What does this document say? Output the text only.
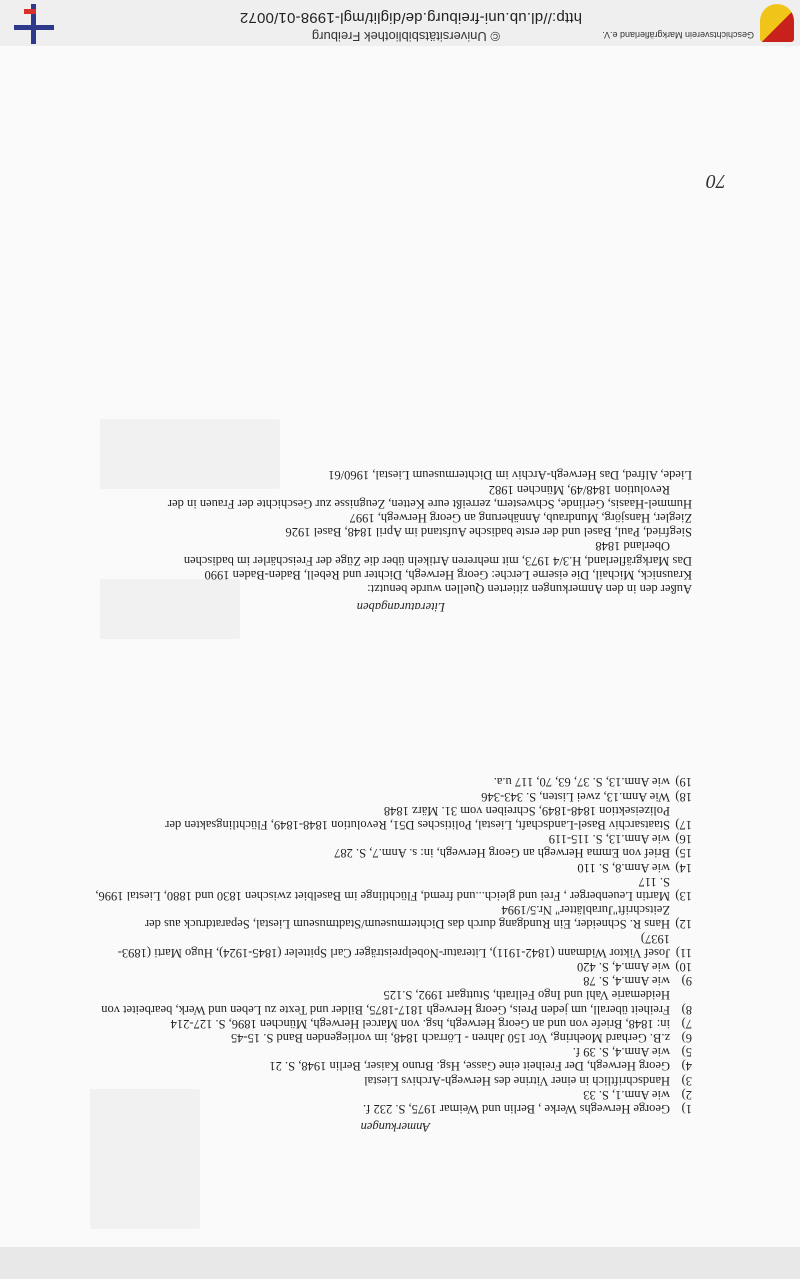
Geschichtsverein Markgräflerland e.V.
© Universitätsbibliothek Freiburg
http://dl.ub.uni-freiburg.de/diglit/mgl-1998-01/0072
Anmerkungen
1)
George Herweghs Werke , Berlin und Weimar 1975, S. 232 f.
2)
wie Anm.1, S. 33
3)
Handschriftlich in einer Vitrine des Herwegh-Archivs Liestal
4)
Georg Herwegh, Der Freiheit eine Gasse, Hsg. Bruno Kaiser, Berlin 1948, S. 21
5)
wie Anm.4, S. 39 f.
6)
z.B. Gerhard Moehring, Vor 150 Jahren - Lörrach 1848, im vorliegenden Band S. 15-45
7)
in: 1848, Briefe von und an Georg Herwegh, hsg. von Marcel Herwegh, München 1896, S. 127-214
8)
Freiheit überall, um jeden Preis, Georg Herwegh 1817-1875, Bilder und Texte zu Leben und Werk, bearbeitet von Heidemarie Vahl und Ingo Fellrath, Stuttgart 1992, S.125
9)
wie Anm.4, S. 78
10)
wie Anm.4, S. 420
11)
Josef Viktor Widmann (1842-1911), Literatur-Nobelpreisträger Carl Spitteler (1845-1924), Hugo Marti (1893-1937)
12)
Hans R. Schneider, Ein Rundgang durch das Dichtermuseum/Stadtmuseum Liestal, Separatdruck aus der Zeitschrift"Jurablätter" Nr.5/1994
13)
Martin Leuenberger , Frei und gleich...und fremd, Flüchtlinge im Baselbiet zwischen 1830 und 1880, Liestal 1996, S. 117
14)
wie Anm.8, S. 110
15)
Brief von Emma Herwegh an Georg Herwegh, in: s. Anm.7, S. 287
16)
wie Anm.13, S. 115-119
17)
Staatsarchiv Basel-Landschaft, Liestal, Politisches D51, Revolution 1848-1849, Flüchtlingsakten der Polizeisektion 1848-1849, Schreiben vom 31. März 1848
18)
Wie Anm.13, zwei Listen, S. 343-346
19)
wie Anm.13, S. 37, 63, 70, 117 u.a.
Literaturangaben
Außer den in den Anmerkungen zitierten Quellen wurde benutzt:
Krausnick, Michail, Die eiserne Lerche: Georg Herwegh, Dichter und Rebell, Baden-Baden 1990
Das Markgräflerland, H.3/4 1973, mit mehreren Artikeln über die Züge der Freischärler im badischen
Oberland 1848
Siegfried, Paul, Basel und der erste badische Aufstand im April 1848, Basel 1926
Ziegler, Hansjörg, Mundraub, Annäherung an Georg Herwegh, 1997
Hummel-Haasis, Gerlinde, Schwestern, zerreißt eure Ketten, Zeugnisse zur Geschichte der Frauen in der
Revolution 1848/49, München 1982
Liede, Alfred, Das Herwegh-Archiv im Dichtermuseum Liestal, 1960/61
70
